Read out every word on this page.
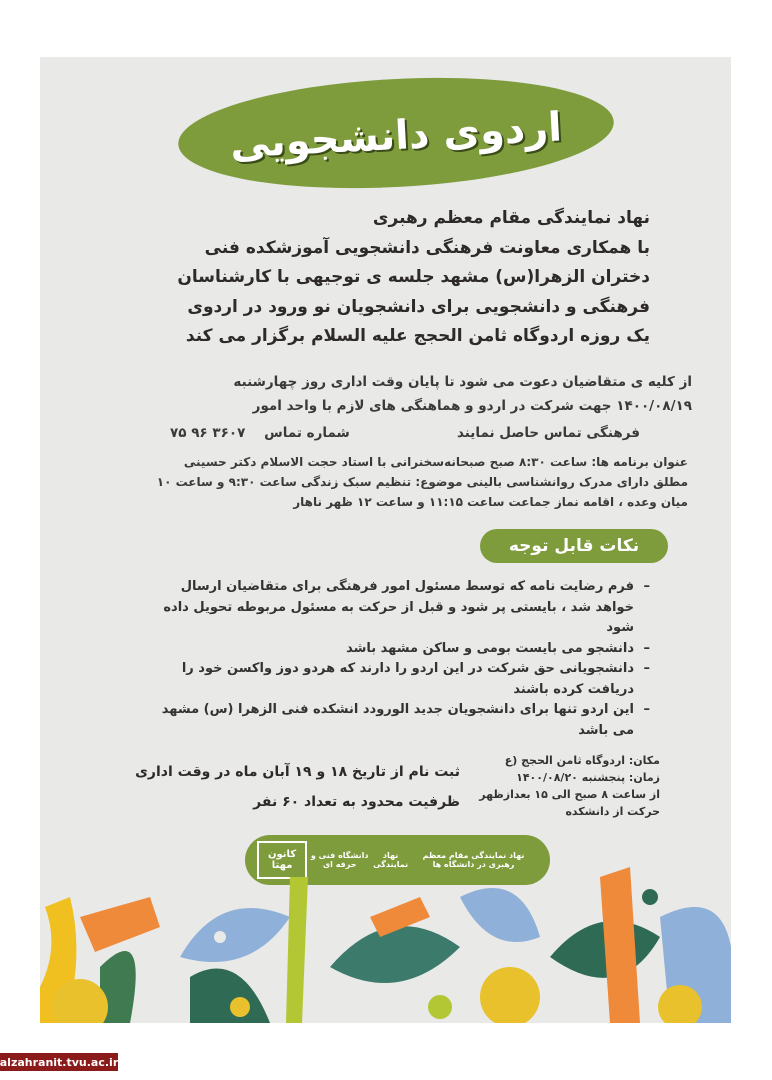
اردوی دانشجویی

نهاد نمایندگی مقام معظم رهبری

با همکاری معاونت فرهنگی دانشجویی آموزشکده فنی

دختران الزهرا(س) مشهد جلسه ی توجیهی با کارشناسان

فرهنگی و دانشجویی برای دانشجویان نو ورود در اردوی

یک روزه اردوگاه ثامن الحجج علیه السلام برگزار می کند

از کلیه ی متقاضیان دعوت می شود تا پایان وقت اداری روز چهارشنبه

۱۴۰۰/۰۸/۱۹ جهت شرکت در اردو و هماهنگی های لازم با واحد امور

فرهنگی تماس حاصل نمایند
شماره تماس    ۳۶۰۷ ۹۶ ۷۵

عنوان برنامه ها: ساعت ۸:۳۰ صبح صبحانه‌سخنرانی با استاد حجت الاسلام دکتر حسینی

مطلق دارای مدرک روانشناسی بالینی موضوع: تنظیم سبک زندگی ساعت ۹:۳۰ و ساعت ۱۰

میان وعده ، اقامه نماز جماعت ساعت ۱۱:۱۵ و ساعت ۱۲ ظهر ناهار

نکات قابل توجه
– فرم رضایت نامه که توسط مسئول امور فرهنگی برای متقاضیان ارسال خواهد شد ، بایستی پر شود و قبل از حرکت به مسئول مربوطه تحویل داده شود
– دانشجو می بایست بومی و ساکن مشهد باشد
– دانشجویانی حق شرکت در این اردو را دارند که هردو دوز واکسن خود را دریافت کرده باشند
– این اردو تنها برای دانشجویان جدید الورودد انشکده فنی الزهرا (س) مشهد می باشد

ثبت نام از تاریخ ۱۸ و ۱۹ آبان ماه در وقت اداری

ظرفیت محدود به تعداد ۶۰ نفر

مکان: اردوگاه ثامن الحجج (ع

زمان: پنجشنبه ۱۴۰۰/۰۸/۲۰

از ساعت ۸ صبح الی ۱۵ بعدازظهر

حرکت از دانشکده

کانون مهتا
دانشگاه فنی و حرفه ای
نهاد نمایندگی
نهاد نمایندگی مقام معظم رهبری در دانشگاه ها
alzahranit.tvu.ac.ir
